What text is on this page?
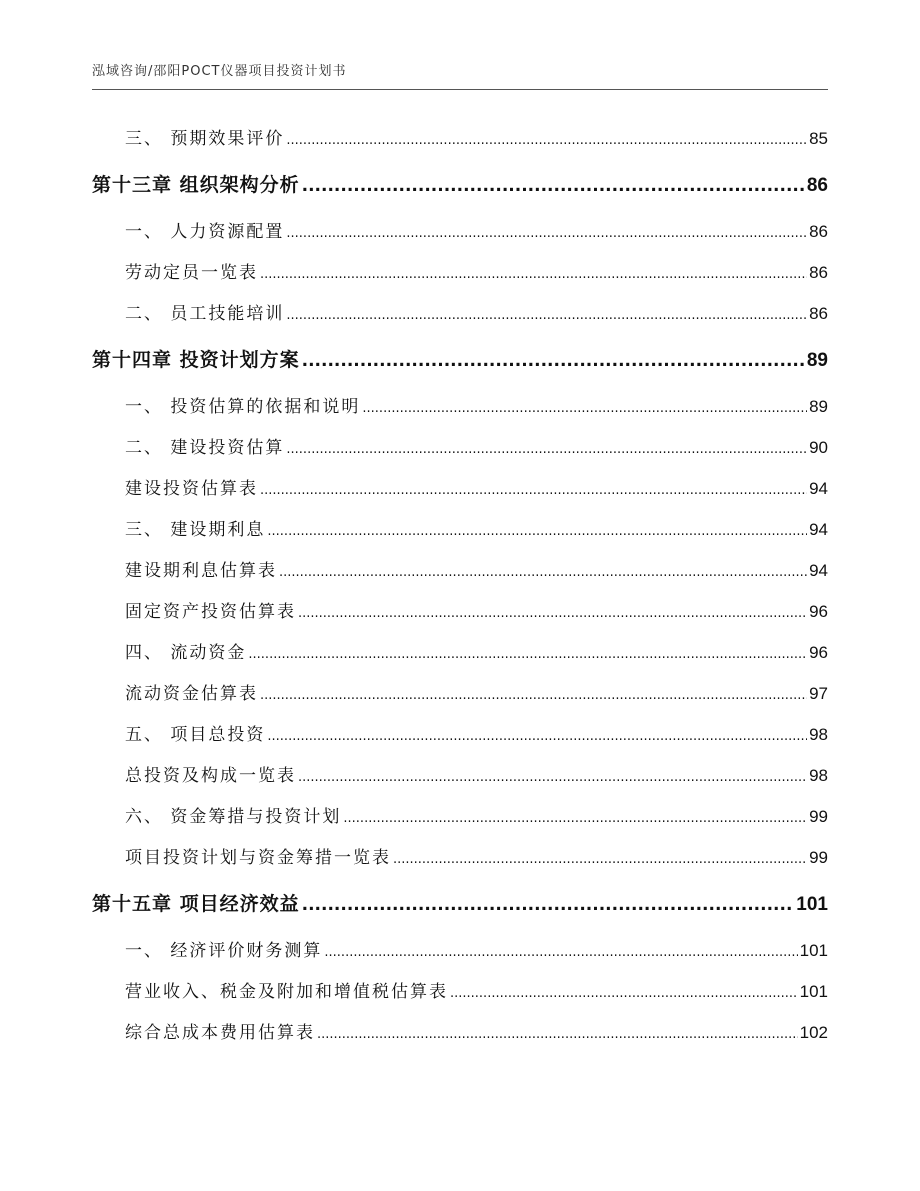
泓域咨询/邵阳POCT仪器项目投资计划书
三、 预期效果评价 .....	85
第十三章 组织架构分析 .....	86
一、 人力资源配置 .....	86
劳动定员一览表 .....	86
二、 员工技能培训 .....	86
第十四章 投资计划方案 .....	89
一、 投资估算的依据和说明 .....	89
二、 建设投资估算 .....	90
建设投资估算表 .....	94
三、 建设期利息 .....	94
建设期利息估算表 .....	94
固定资产投资估算表 .....	96
四、 流动资金 .....	96
流动资金估算表 .....	97
五、 项目总投资 .....	98
总投资及构成一览表 .....	98
六、 资金筹措与投资计划 .....	99
项目投资计划与资金筹措一览表 .....	99
第十五章 项目经济效益 .....	101
一、 经济评价财务测算 .....	101
营业收入、税金及附加和增值税估算表 .....	101
综合总成本费用估算表 .....	102
